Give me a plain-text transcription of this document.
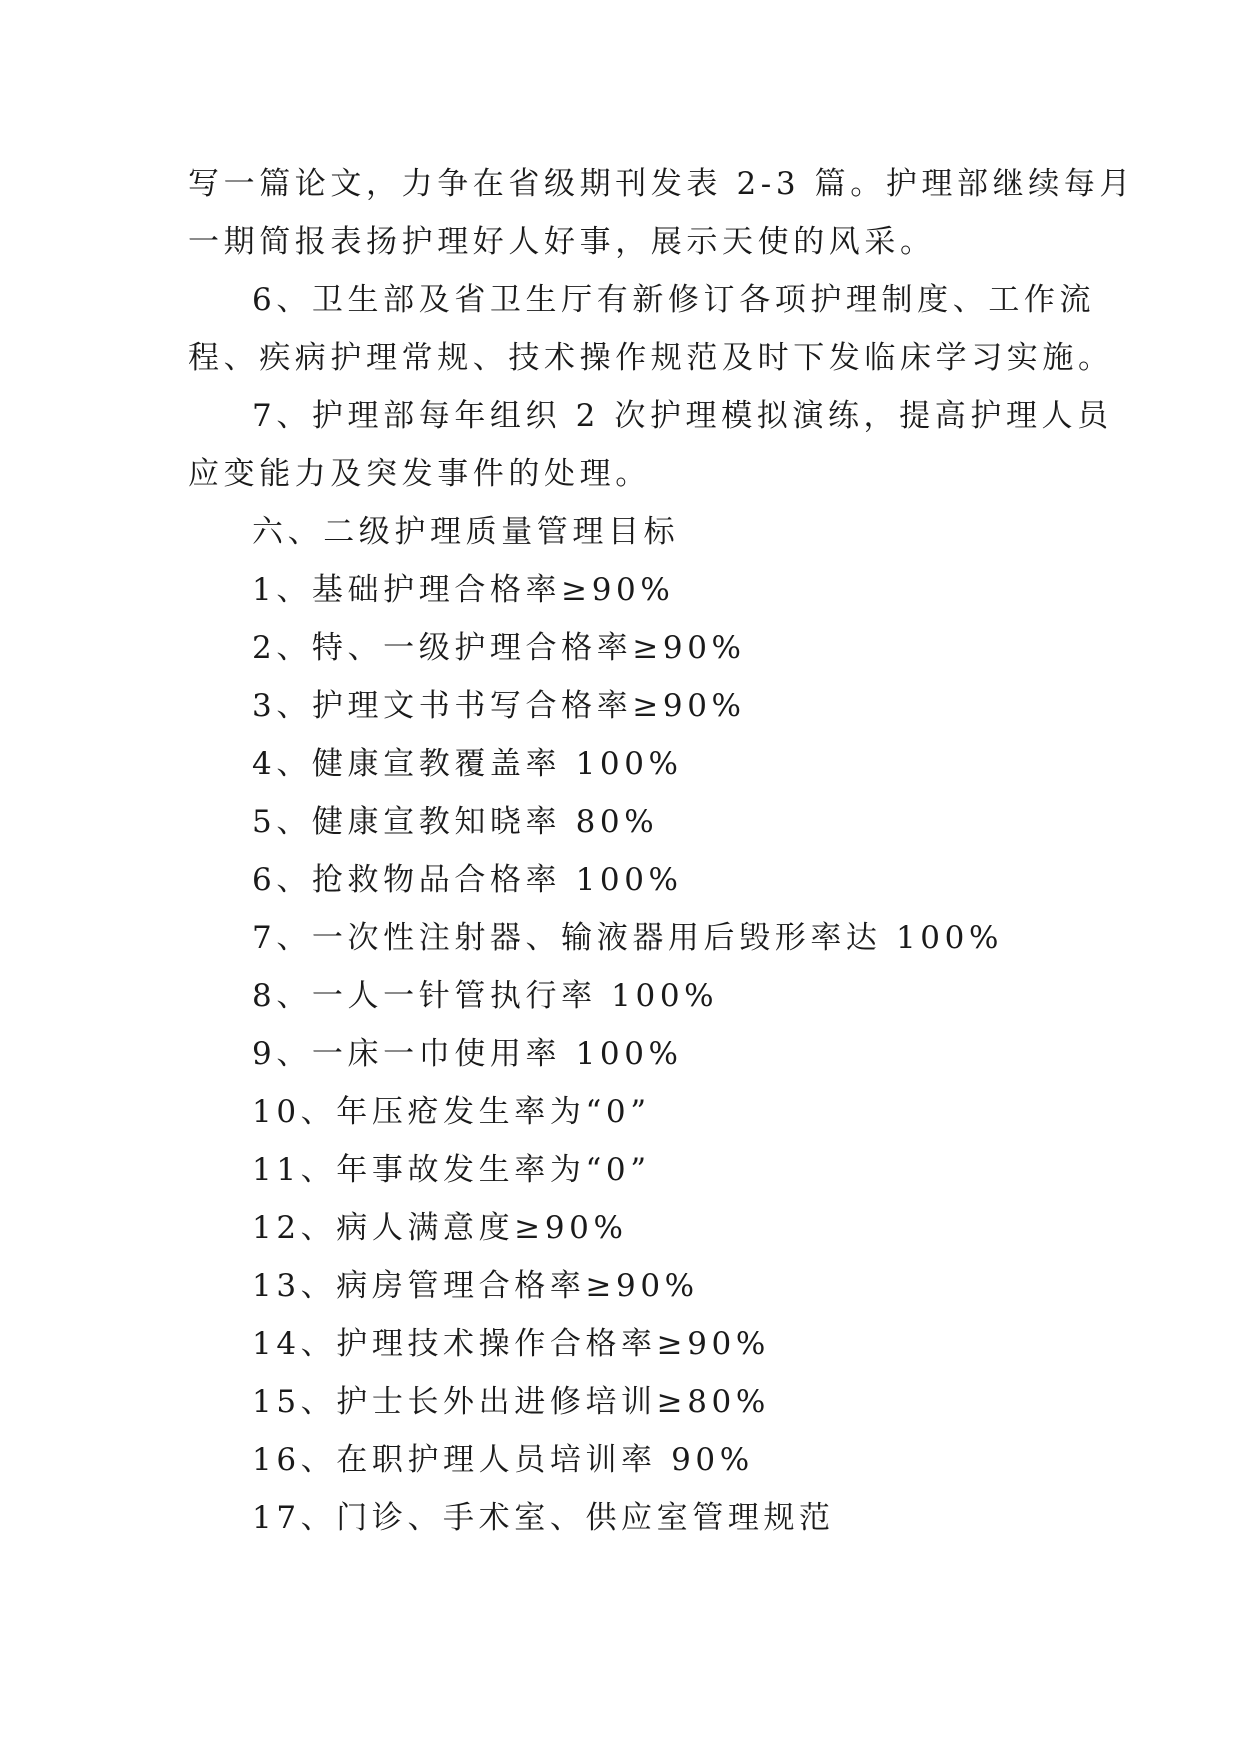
写一篇论文，力争在省级期刊发表 2-3 篇。护理部继续每月
一期简报表扬护理好人好事，展示天使的风采。
6、卫生部及省卫生厅有新修订各项护理制度、工作流
程、疾病护理常规、技术操作规范及时下发临床学习实施。
7、护理部每年组织 2 次护理模拟演练，提高护理人员
应变能力及突发事件的处理。
六、二级护理质量管理目标
1、基础护理合格率≥90%
2、特、一级护理合格率≥90%
3、护理文书书写合格率≥90%
4、健康宣教覆盖率 100%
5、健康宣教知晓率 80%
6、抢救物品合格率 100%
7、一次性注射器、输液器用后毁形率达 100%
8、一人一针管执行率 100%
9、一床一巾使用率 100%
10、年压疮发生率为“0”
11、年事故发生率为“0”
12、病人满意度≥90%
13、病房管理合格率≥90%
14、护理技术操作合格率≥90%
15、护士长外出进修培训≥80%
16、在职护理人员培训率 90%
17、门诊、手术室、供应室管理规范
